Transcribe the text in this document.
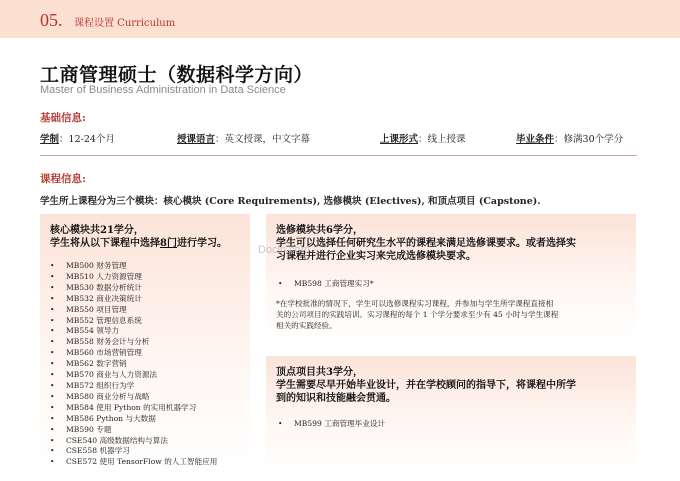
05. 课程设置 Curriculum
工商管理硕士（数据科学方向）
Master of Business Administration in Data Science
基础信息:
学制：12-24个月	授课语言：英文授课，中文字幕	上课形式：线上授课	毕业条件：修满30个学分
课程信息:
学生所上课程分为三个模块：核心模块 (Core Requirements), 选修模块 (Electives), 和顶点项目 (Capstone).
核心模块共21学分，
学生将从以下课程中选择8门进行学习。
• MB500 财务管理
• MB510 人力资源管理
• MB530 数据分析统计
• MB532 商业决策统计
• MB550 项目管理
• MB552 管理信息系统
• MB554 领导力
• MB558 财务会计与分析
• MB560 市场营销管理
• MB562 数字营销
• MB570 商业与人力资源法
• MB572 组织行为学
• MB580 商业分析与战略
• MB584 使用 Python 的实用机器学习
• MB586 Python 与大数据
• MB590 专题
• CSE540 高级数据结构与算法
• CSE558 机器学习
• CSE572 使用 TensorFlow 的人工智能应用
选修模块共6学分，
学生可以选择任何研究生水平的课程来满足选修课要求。或者选择实
习课程并进行企业实习来完成选修模块要求。
• MB598 工商管理实习*
*在学校批准的情况下，学生可以选修课程实习课程，并参加与学生所学课程直接相
关的公司项目的实践培训。实习课程的每个 1 个学分要求至少有 45 小时与学生课程
相关的实践经验。
顶点项目共3学分，
学生需要尽早开始毕业设计，并在学校顾问的指导下，将课程中所学
到的知识和技能融会贯通。
• MB599 工商管理毕业设计
Docin.com
